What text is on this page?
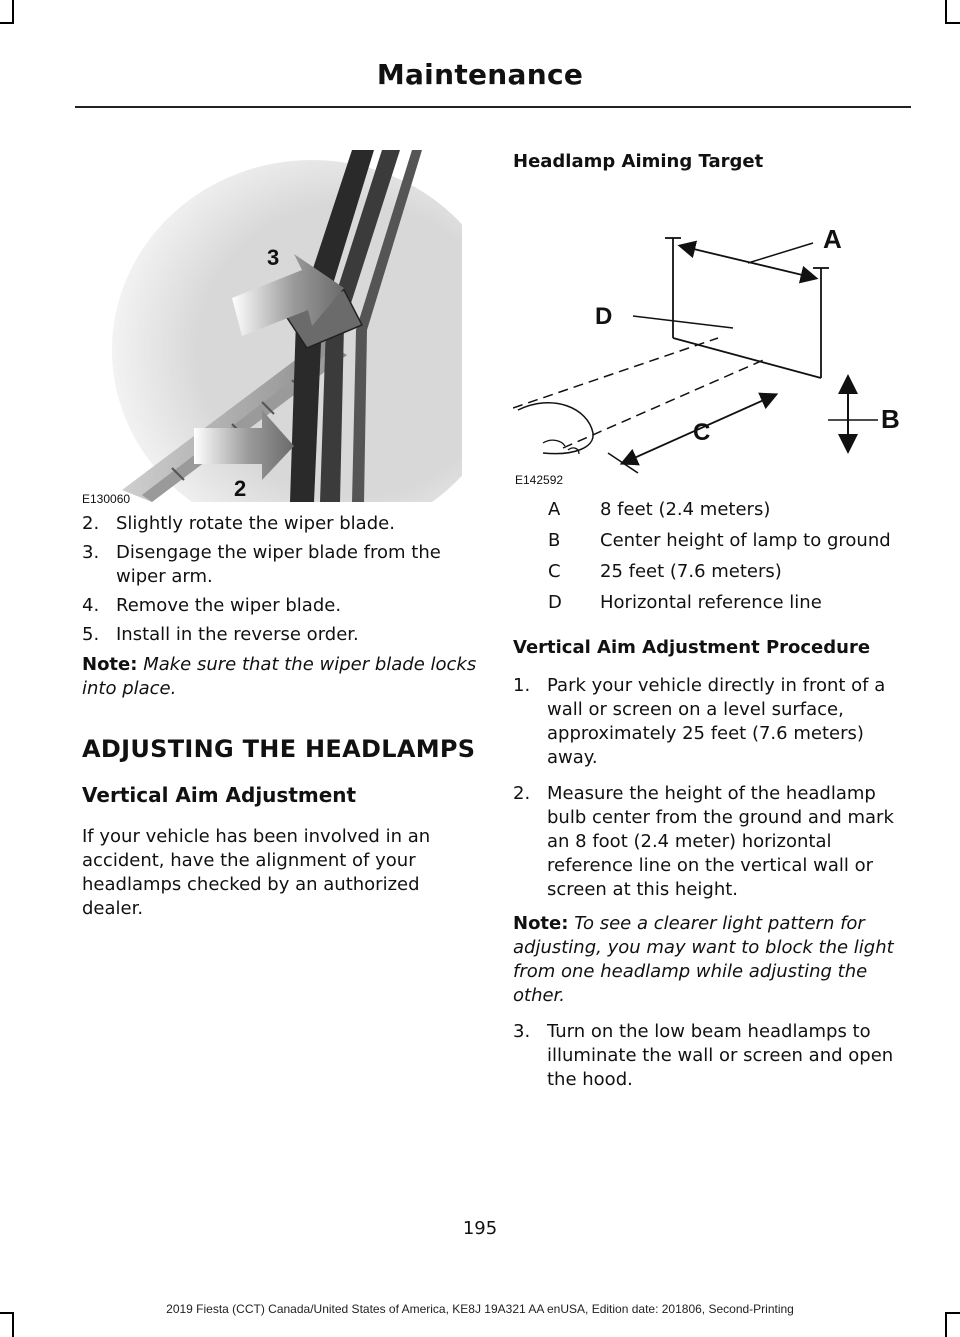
Maintenance
3
2
E130060
2. Slightly rotate the wiper blade.
3. Disengage the wiper blade from the wiper arm.
4. Remove the wiper blade.
5. Install in the reverse order.

Note: Make sure that the wiper blade locks into place.

ADJUSTING THE HEADLAMPS
Vertical Aim Adjustment

If your vehicle has been involved in an accident, have the alignment of your headlamps checked by an authorized dealer.

Headlamp Aiming Target
A
D
C	B
E142592
A	8 feet (2.4 meters)
B	Center height of lamp to ground
C	25 feet (7.6 meters)
D	Horizontal reference line
Vertical Aim Adjustment Procedure
1. Park your vehicle directly in front of a wall or screen on a level surface, approximately 25 feet (7.6 meters) away.
2. Measure the height of the headlamp bulb center from the ground and mark an 8 foot (2.4 meter) horizontal reference line on the vertical wall or screen at this height.

Note: To see a clearer light pattern for adjusting, you may want to block the light from one headlamp while adjusting the other.

3. Turn on the low beam headlamps to illuminate the wall or screen and open the hood.
195
2019 Fiesta (CCT) Canada/United States of America, KE8J 19A321 AA enUSA, Edition date: 201806, Second-Printing
